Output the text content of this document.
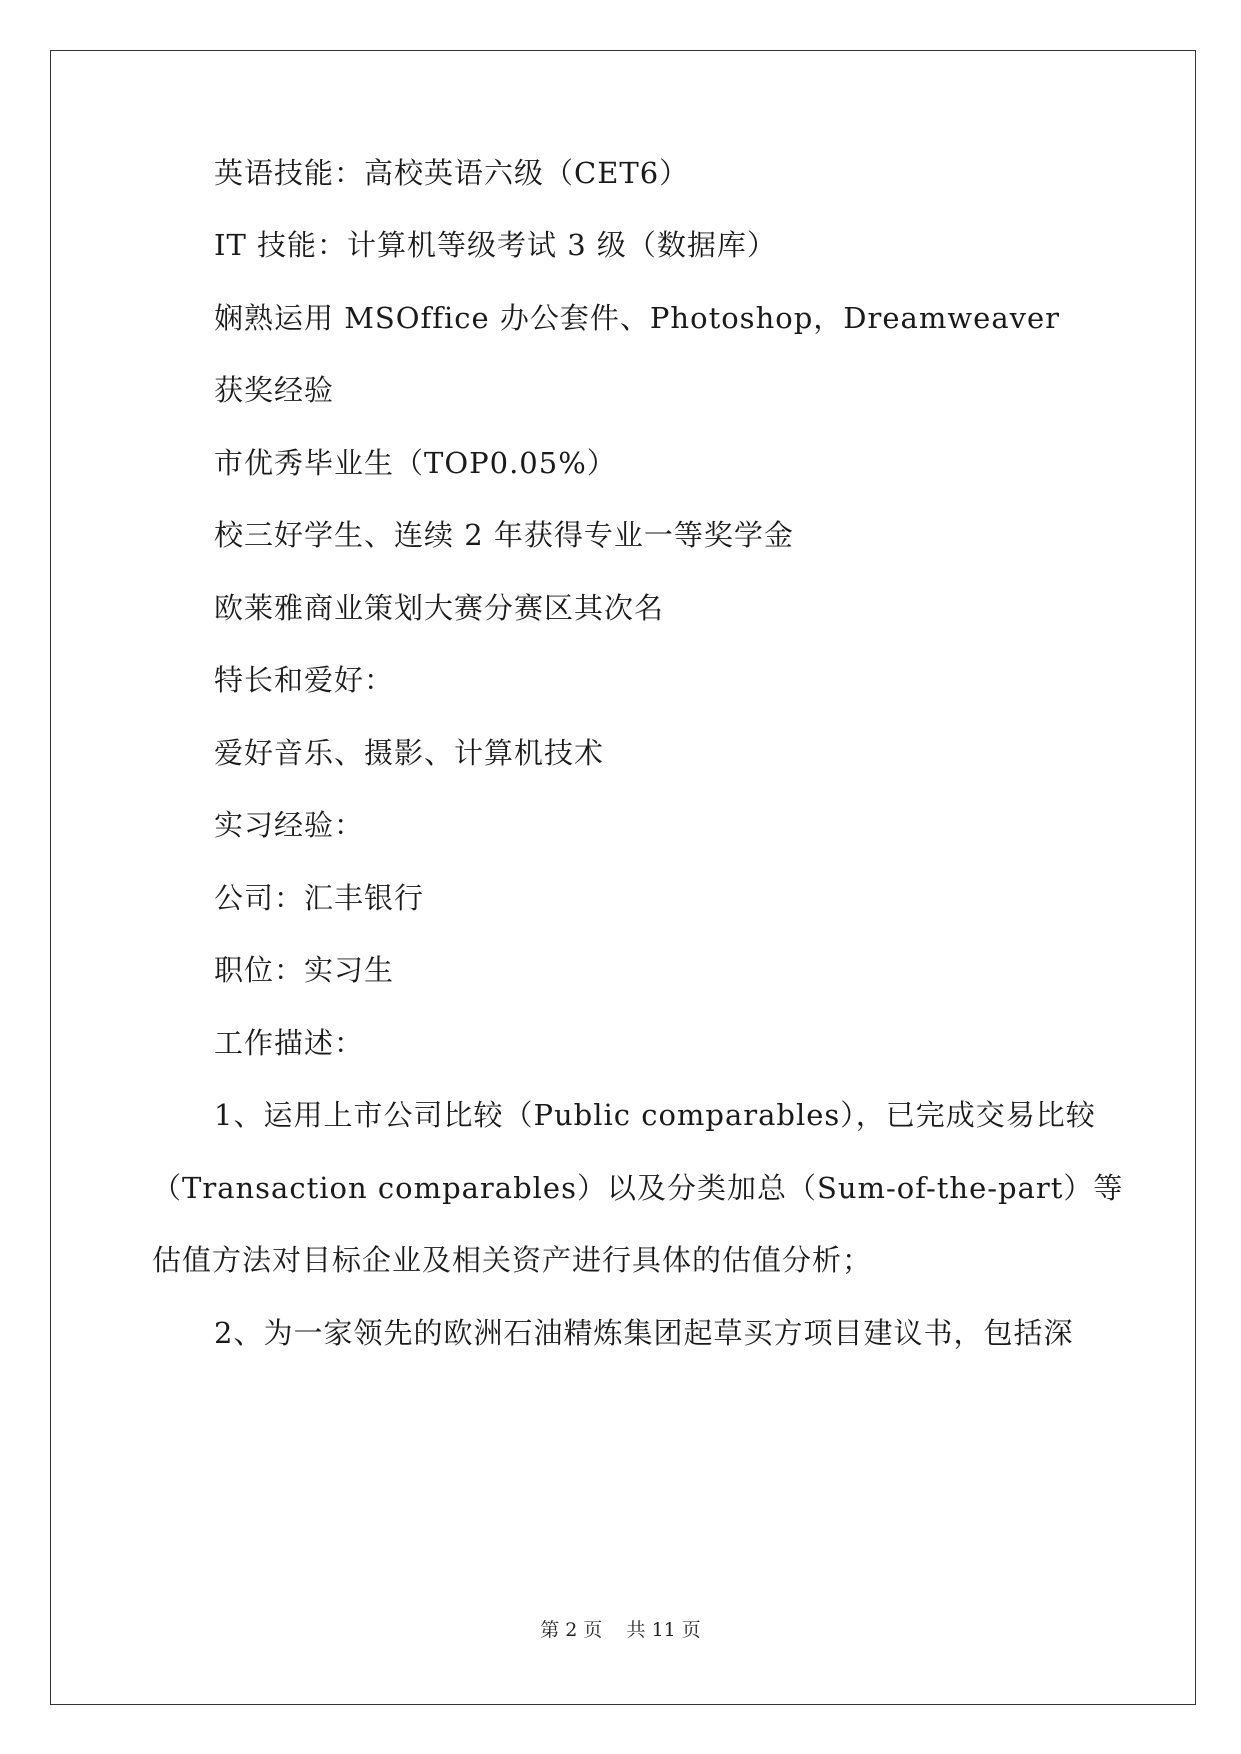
英语技能：高校英语六级（CET6）
IT 技能：计算机等级考试 3 级（数据库）
娴熟运用 MSOffice 办公套件、Photoshop，Dreamweaver
获奖经验
市优秀毕业生（TOP0.05%）
校三好学生、连续 2 年获得专业一等奖学金
欧莱雅商业策划大赛分赛区其次名
特长和爱好：
爱好音乐、摄影、计算机技术
实习经验：
公司：汇丰银行
职位：实习生
工作描述：
1、运用上市公司比较（Public comparables），已完成交易比较
（Transaction comparables）以及分类加总（Sum-of-the-part）等
估值方法对目标企业及相关资产进行具体的估值分析；
2、为一家领先的欧洲石油精炼集团起草买方项目建议书，包括深
第 2 页 共 11 页
